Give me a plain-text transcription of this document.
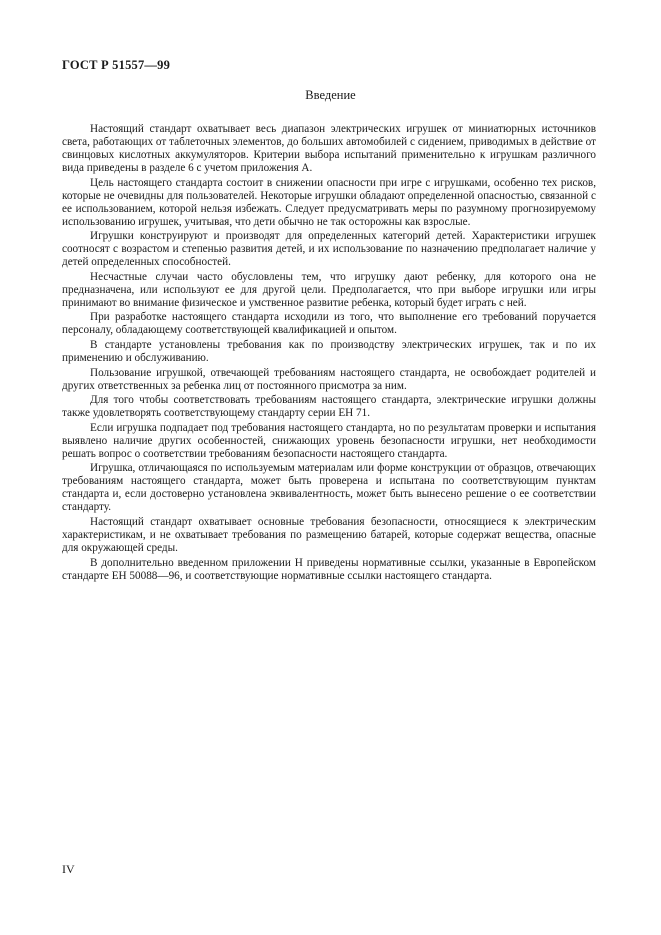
ГОСТ Р 51557—99
Введение

Настоящий стандарт охватывает весь диапазон электрических игрушек от миниатюрных источников света, работающих от таблеточных элементов, до больших автомобилей с сидением, приводимых в действие от свинцовых кислотных аккумуляторов. Критерии выбора испытаний применительно к игрушкам различного вида приведены в разделе 6 с учетом приложения А.

Цель настоящего стандарта состоит в снижении опасности при игре с игрушками, особенно тех рисков, которые не очевидны для пользователей. Некоторые игрушки обладают определенной опасностью, связанной с ее использованием, которой нельзя избежать. Следует предусматривать меры по разумному прогнозируемому использованию игрушек, учитывая, что дети обычно не так осторожны как взрослые.

Игрушки конструируют и производят для определенных категорий детей. Характеристики игрушек соотносят с возрастом и степенью развития детей, и их использование по назначению предполагает наличие у детей определенных способностей.

Несчастные случаи часто обусловлены тем, что игрушку дают ребенку, для которого она не предназначена, или используют ее для другой цели. Предполагается, что при выборе игрушки или игры принимают во внимание физическое и умственное развитие ребенка, который будет играть с ней.

При разработке настоящего стандарта исходили из того, что выполнение его требований поручается персоналу, обладающему соответствующей квалификацией и опытом.

В стандарте установлены требования как по производству электрических игрушек, так и по их применению и обслуживанию.

Пользование игрушкой, отвечающей требованиям настоящего стандарта, не освобождает родителей и других ответственных за ребенка лиц от постоянного присмотра за ним.

Для того чтобы соответствовать требованиям настоящего стандарта, электрические игрушки должны также удовлетворять соответствующему стандарту серии ЕН 71.

Если игрушка подпадает под требования настоящего стандарта, но по результатам проверки и испытания выявлено наличие других особенностей, снижающих уровень безопасности игрушки, нет необходимости решать вопрос о соответствии требованиям безопасности настоящего стандарта.

Игрушка, отличающаяся по используемым материалам или форме конструкции от образцов, отвечающих требованиям настоящего стандарта, может быть проверена и испытана по соответствующим пунктам стандарта и, если достоверно установлена эквивалентность, может быть вынесено решение о ее соответствии стандарту.

Настоящий стандарт охватывает основные требования безопасности, относящиеся к электрическим характеристикам, и не охватывает требования по размещению батарей, которые содержат вещества, опасные для окружающей среды.

В дополнительно введенном приложении Н приведены нормативные ссылки, указанные в Европейском стандарте ЕН 50088—96, и соответствующие нормативные ссылки настоящего стандарта.

IV
